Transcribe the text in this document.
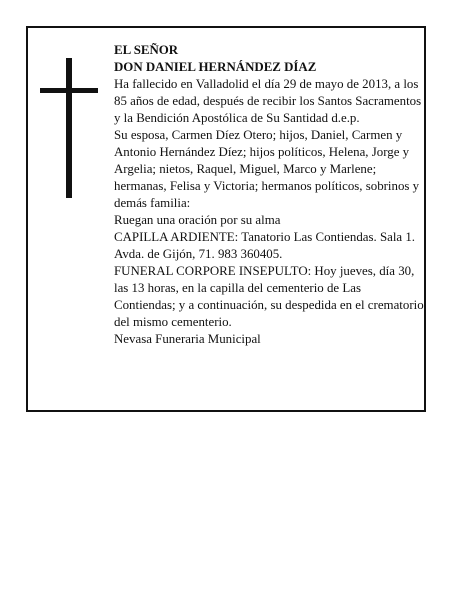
EL SEÑOR

DON DANIEL HERNÁNDEZ DÍAZ

Ha fallecido en Valladolid el día 29 de mayo de 2013, a los 85 años de edad, después de recibir los Santos Sacramentos y la Bendición Apostólica de Su Santidad d.e.p.

Su esposa, Carmen Díez Otero; hijos, Daniel, Carmen y Antonio Hernández Díez; hijos políticos, Helena, Jorge y Argelia; nietos, Raquel, Miguel, Marco y Marlene; hermanas, Felisa y Victoria; hermanos políticos, sobrinos y demás familia:

Ruegan una oración por su alma

CAPILLA ARDIENTE: Tanatorio Las Contiendas. Sala 1. Avda. de Gijón, 71. 983 360405.

FUNERAL CORPORE INSEPULTO: Hoy jueves, día 30, las 13 horas, en la capilla del cementerio de Las Contiendas; y a continuación, su despedida en el crematorio del mismo cementerio.

Nevasa Funeraria Municipal
